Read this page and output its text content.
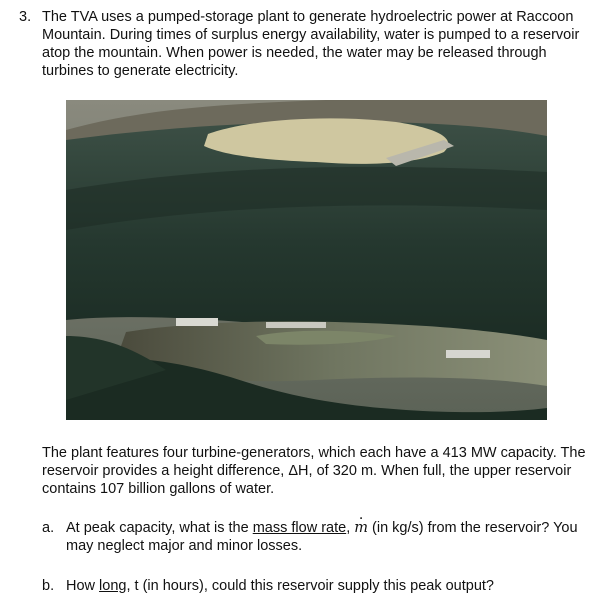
3. The TVA uses a pumped-storage plant to generate hydroelectric power at Raccoon Mountain. During times of surplus energy availability, water is pumped to a reservoir atop the mountain. When power is needed, the water may be released through turbines to generate electricity.
The plant features four turbine-generators, which each have a 413 MW capacity. The reservoir provides a height difference, ΔH, of 320 m. When full, the upper reservoir contains 107 billion gallons of water.
a. At peak capacity, what is the mass flow rate, · m (in kg/s) from the reservoir? You may neglect major and minor losses.
b. How long, t (in hours), could this reservoir supply this peak output?
